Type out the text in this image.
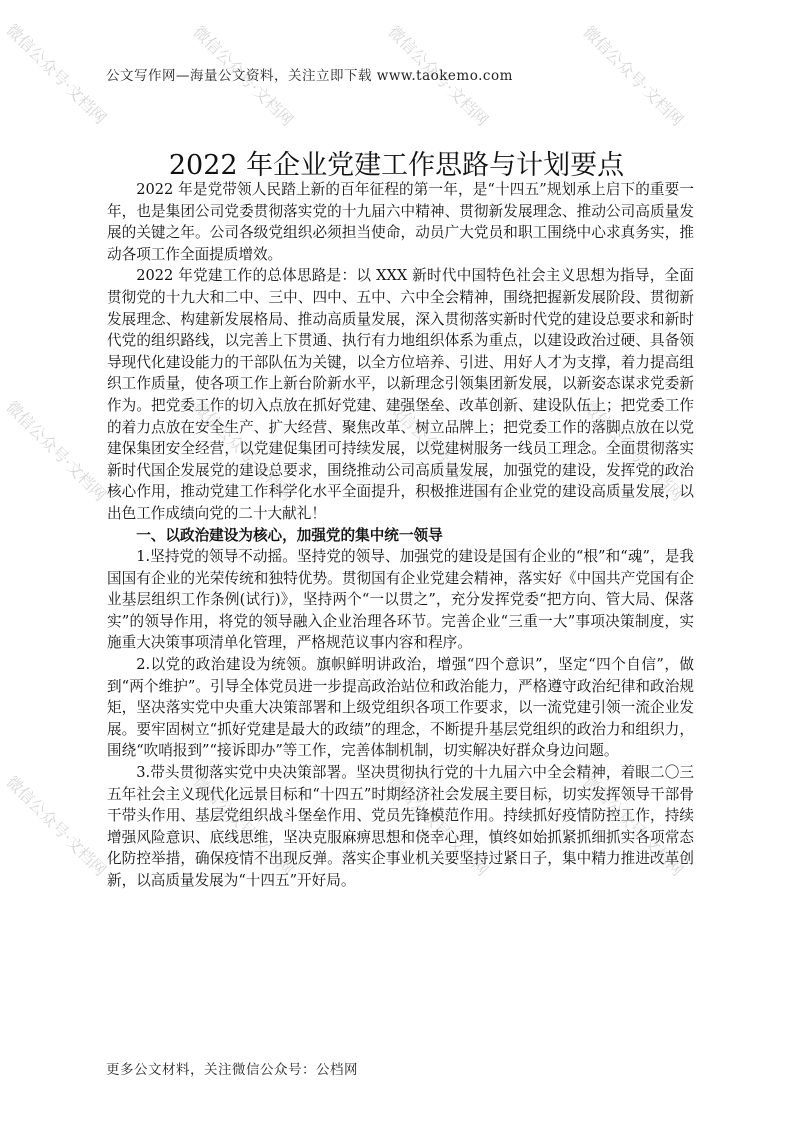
公文写作网—海量公文资料，关注立即下载 www.taokemo.com
2022 年企业党建工作思路与计划要点

2022 年是党带领人民踏上新的百年征程的第一年，是“十四五”规划承上启下的重要一年，也是集团公司党委贯彻落实党的十九届六中精神、贯彻新发展理念、推动公司高质量发展的关键之年。公司各级党组织必须担当使命，动员广大党员和职工围绕中心求真务实，推动各项工作全面提质增效。

2022 年党建工作的总体思路是：以 XXX 新时代中国特色社会主义思想为指导，全面贯彻党的十九大和二中、三中、四中、五中、六中全会精神，围绕把握新发展阶段、贯彻新发展理念、构建新发展格局、推动高质量发展，深入贯彻落实新时代党的建设总要求和新时代党的组织路线，以完善上下贯通、执行有力地组织体系为重点，以建设政治过硬、具备领导现代化建设能力的干部队伍为关键，以全方位培养、引进、用好人才为支撑，着力提高组织工作质量，使各项工作上新台阶新水平，以新理念引领集团新发展，以新姿态谋求党委新作为。把党委工作的切入点放在抓好党建、建强堡垒、改革创新、建设队伍上；把党委工作的着力点放在安全生产、扩大经营、聚焦改革、树立品牌上；把党委工作的落脚点放在以党建保集团安全经营，以党建促集团可持续发展，以党建树服务一线员工理念。全面贯彻落实新时代国企发展党的建设总要求，围绕推动公司高质量发展，加强党的建设，发挥党的政治核心作用，推动党建工作科学化水平全面提升，积极推进国有企业党的建设高质量发展，以出色工作成绩向党的二十大献礼！

一、以政治建设为核心，加强党的集中统一领导

1.坚持党的领导不动摇。坚持党的领导、加强党的建设是国有企业的“根”和“魂”，是我国国有企业的光荣传统和独特优势。贯彻国有企业党建会精神，落实好《中国共产党国有企业基层组织工作条例(试行)》，坚持两个“一以贯之”，充分发挥党委“把方向、管大局、保落实”的领导作用，将党的领导融入企业治理各环节。完善企业“三重一大”事项决策制度，实施重大决策事项清单化管理，严格规范议事内容和程序。

2.以党的政治建设为统领。旗帜鲜明讲政治，增强“四个意识”，坚定“四个自信”，做到“两个维护”。引导全体党员进一步提高政治站位和政治能力，严格遵守政治纪律和政治规矩，坚决落实党中央重大决策部署和上级党组织各项工作要求，以一流党建引领一流企业发展。要牢固树立“抓好党建是最大的政绩”的理念，不断提升基层党组织的政治力和组织力，围绕“吹哨报到”“接诉即办”等工作，完善体制机制，切实解决好群众身边问题。

3.带头贯彻落实党中央决策部署。坚决贯彻执行党的十九届六中全会精神，着眼二〇三五年社会主义现代化远景目标和“十四五”时期经济社会发展主要目标，切实发挥领导干部骨干带头作用、基层党组织战斗堡垒作用、党员先锋模范作用。持续抓好疫情防控工作，持续增强风险意识、底线思维，坚决克服麻痹思想和侥幸心理，慎终如始抓紧抓细抓实各项常态化防控举措，确保疫情不出现反弹。落实企事业机关要坚持过紧日子，集中精力推进改革创新，以高质量发展为“十四五”开好局。

更多公文材料，关注微信公众号：公档网
微信公众号·文档网	微信公众号·文档网	微信公众号·文档网	微信公众号·文档网
微信公众号·文档网	微信公众号·文档网	微信公众号·文档网	微信公众号·文档网
微信公众号·文档网	微信公众号·文档网	微信公众号·文档网	微信公众号·文档网
